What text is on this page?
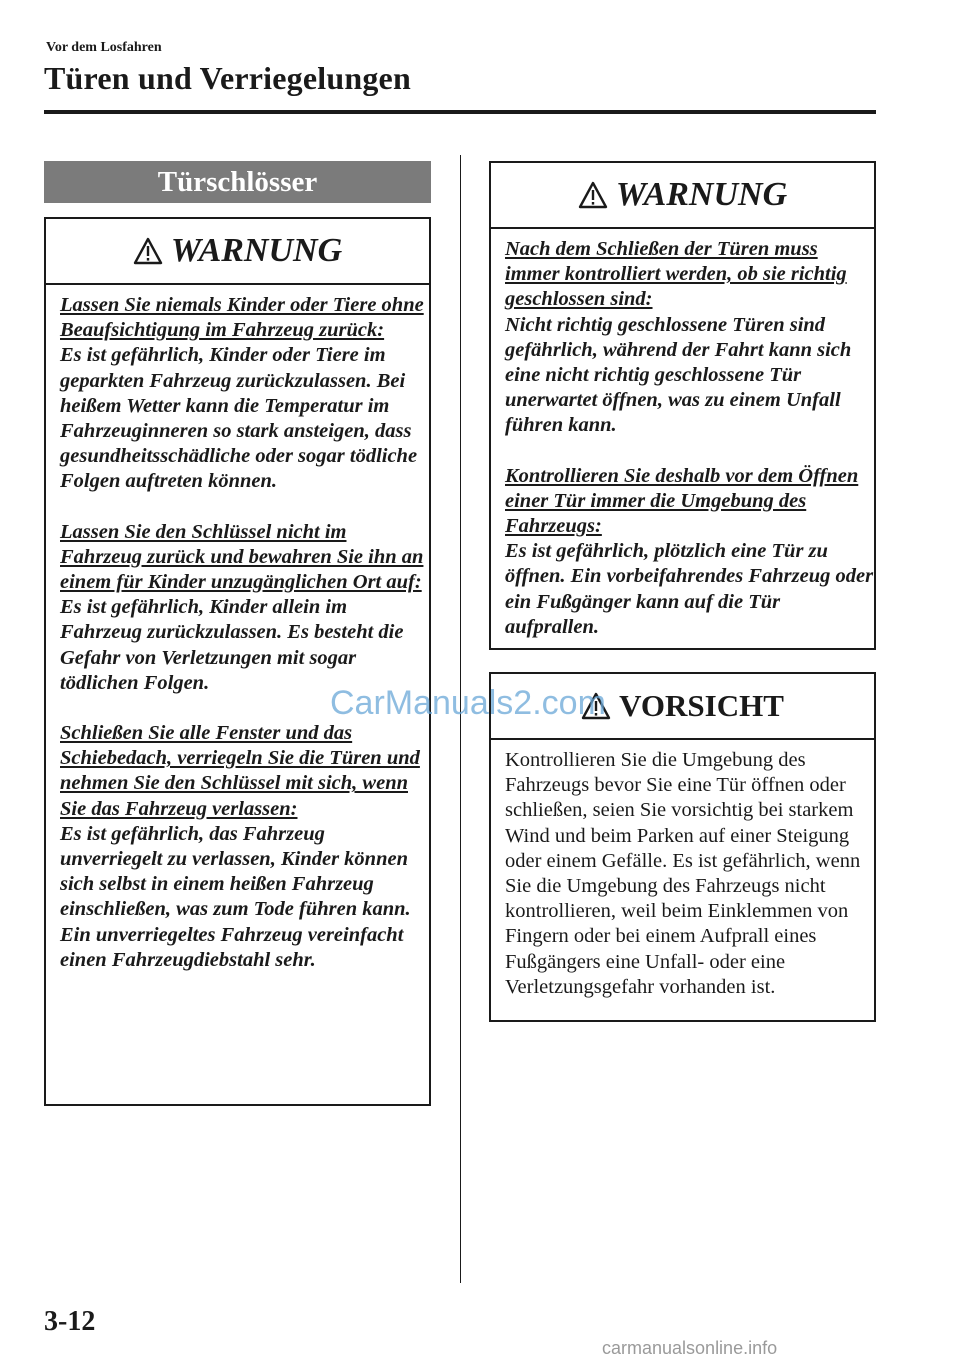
Vor dem Losfahren
Türen und Verriegelungen
Türschlösser
WARNUNG
Lassen Sie niemals Kinder oder Tiere ohne Beaufsichtigung im Fahrzeug zurück:
Es ist gefährlich, Kinder oder Tiere im geparkten Fahrzeug zurückzulassen. Bei heißem Wetter kann die Temperatur im Fahrzeuginneren so stark ansteigen, dass gesundheitsschädliche oder sogar tödliche Folgen auftreten können.
Lassen Sie den Schlüssel nicht im Fahrzeug zurück und bewahren Sie ihn an einem für Kinder unzugänglichen Ort auf:
Es ist gefährlich, Kinder allein im Fahrzeug zurückzulassen. Es besteht die Gefahr von Verletzungen mit sogar tödlichen Folgen.
Schließen Sie alle Fenster und das Schiebedach, verriegeln Sie die Türen und nehmen Sie den Schlüssel mit sich, wenn Sie das Fahrzeug verlassen:
Es ist gefährlich, das Fahrzeug unverriegelt zu verlassen, Kinder können sich selbst in einem heißen Fahrzeug einschließen, was zum Tode führen kann. Ein unverriegeltes Fahrzeug vereinfacht einen Fahrzeugdiebstahl sehr.
WARNUNG
Nach dem Schließen der Türen muss immer kontrolliert werden, ob sie richtig geschlossen sind:
Nicht richtig geschlossene Türen sind gefährlich, während der Fahrt kann sich eine nicht richtig geschlossene Tür unerwartet öffnen, was zu einem Unfall führen kann.
Kontrollieren Sie deshalb vor dem Öffnen einer Tür immer die Umgebung des Fahrzeugs:
Es ist gefährlich, plötzlich eine Tür zu öffnen. Ein vorbeifahrendes Fahrzeug oder ein Fußgänger kann auf die Tür aufprallen.
VORSICHT
Kontrollieren Sie die Umgebung des Fahrzeugs bevor Sie eine Tür öffnen oder schließen, seien Sie vorsichtig bei starkem Wind und beim Parken auf einer Steigung oder einem Gefälle. Es ist gefährlich, wenn Sie die Umgebung des Fahrzeugs nicht kontrollieren, weil beim Einklemmen von Fingern oder bei einem Aufprall eines Fußgängers eine Unfall- oder eine Verletzungsgefahr vorhanden ist.
CarManuals2.com
3-12
carmanualsonline.info
